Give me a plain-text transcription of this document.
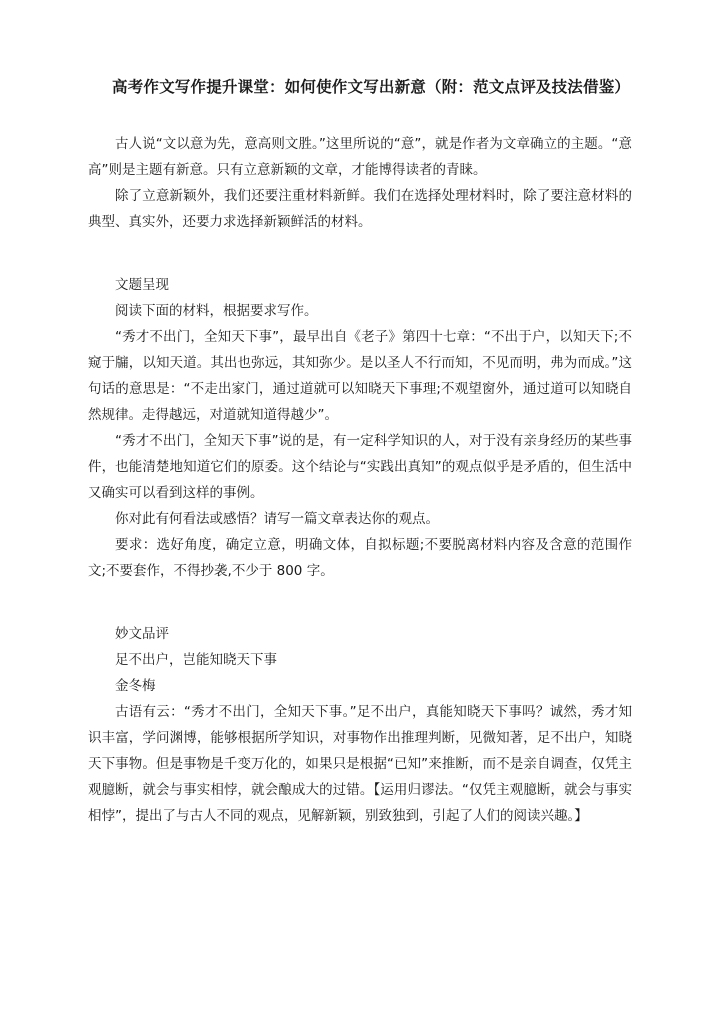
高考作文写作提升课堂：如何使作文写出新意（附：范文点评及技法借鉴）

古人说“文以意为先，意高则文胜。”这里所说的“意”，就是作者为文章确立的主题。“意高”则是主题有新意。只有立意新颖的文章，才能博得读者的青睐。

除了立意新颖外，我们还要注重材料新鲜。我们在选择处理材料时，除了要注意材料的典型、真实外，还要力求选择新颖鲜活的材料。

文题呈现

阅读下面的材料，根据要求写作。

“秀才不出门，全知天下事”，最早出自《老子》第四十七章：“不出于户，以知天下;不窥于牖，以知天道。其出也弥远，其知弥少。是以圣人不行而知，不见而明，弗为而成。”这句话的意思是：“不走出家门，通过道就可以知晓天下事理;不观望窗外，通过道可以知晓自然规律。走得越远，对道就知道得越少”。

“秀才不出门，全知天下事”说的是，有一定科学知识的人，对于没有亲身经历的某些事件，也能清楚地知道它们的原委。这个结论与“实践出真知”的观点似乎是矛盾的，但生活中又确实可以看到这样的事例。

你对此有何看法或感悟？请写一篇文章表达你的观点。

要求：选好角度，确定立意，明确文体，自拟标题;不要脱离材料内容及含意的范围作文;不要套作，不得抄袭,不少于 800 字。

妙文品评

足不出户，岂能知晓天下事

金冬梅

古语有云：“秀才不出门，全知天下事。”足不出户，真能知晓天下事吗？诚然，秀才知识丰富，学问渊博，能够根据所学知识，对事物作出推理判断，见微知著，足不出户，知晓天下事物。但是事物是千变万化的，如果只是根据“已知”来推断，而不是亲自调查，仅凭主观臆断，就会与事实相悖，就会酿成大的过错。【运用归谬法。“仅凭主观臆断，就会与事实相悖”，提出了与古人不同的观点，见解新颖，别致独到，引起了人们的阅读兴趣。】
